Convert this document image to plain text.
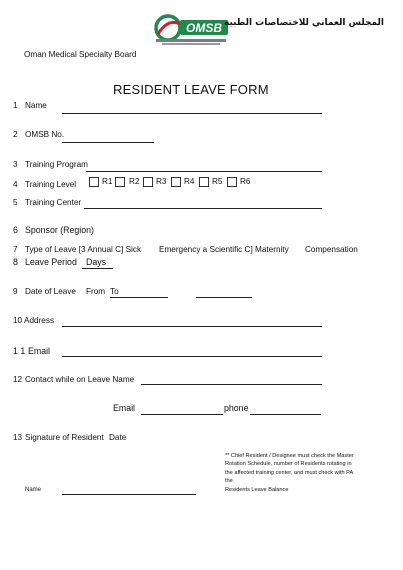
OMSB المجلس العماني للاختصاصات الطبية
Oman Medical Specialty Board
RESIDENT LEAVE FORM
1 Name
2 OMSB No.
3 Training Program
4 Training Level	R1 R2 R3 R4 R5 R6
5 Training Center
6 Sponsor (Region)
7 Type of Leave [3 Annual C] Sick Emergency a Scientific C] Maternity Compensation
8 Leave Period Days
9 Date of Leave From To
10 Address
1 1 Email
12 Contact while on Leave Name
Email	phone
13 Signature of Resident Date
** Chief Resident / Designee must check the Master
Rotation Schedule, number of Residents rotating in
the affected training center, and must check with PA
the
Residents Leave Balance
Name
